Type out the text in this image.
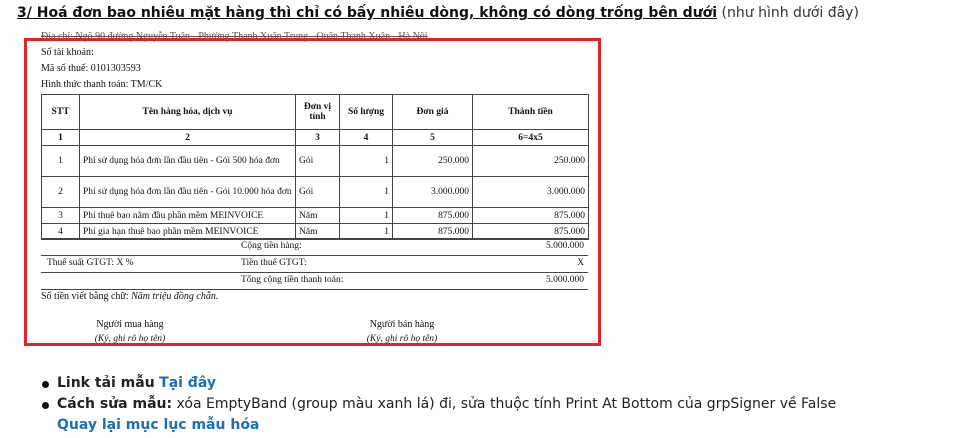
3/ Hoá đơn bao nhiêu mặt hàng thì chỉ có bấy nhiêu dòng, không có dòng trống bên dưới (như hình dưới đây)
Địa chỉ: Ngõ 90 đường Nguyễn Tuân - Phường Thanh Xuân Trung - Quận Thanh Xuân - Hà Nội
Số tài khoản:
Mã số thuế: 0101303593
Hình thức thanh toán: TM/CK
STT	Tên hàng hóa, dịch vụ	Đơn vị tính	Số lượng	Đơn giá	Thành tiền
1	2	3	4	5	6=4x5
1	Phí sử dụng hóa đơn lần đầu tiên - Gói 500 hóa đơn	Gói	1	250.000	250.000
2	Phí sử dụng hóa đơn lần đầu tiên - Gói 10.000 hóa đơn	Gói	1	3.000.000	3.000.000
3	Phí thuê bao năm đầu phần mềm MEINVOICE	Năm	1	875.000	875.000
4	Phí gia hạn thuê bao phần mềm MEINVOICE	Năm	1	875.000	875.000
Cộng tiền hàng:	5.000.000
Thuế suất GTGT: X %	Tiền thuế GTGT:	X
Tổng cộng tiền thanh toán:	5.000.000
Số tiền viết bằng chữ: Năm triệu đồng chẵn.
Người mua hàng
(Ký, ghi rõ họ tên)
Người bán hàng
(Ký, ghi rõ họ tên)
Link tải mẫu Tại đây
Cách sửa mẫu: xóa EmptyBand (group màu xanh lá) đi, sửa thuộc tính Print At Bottom của grpSigner về False
Quay lại mục lục mẫu hóa
